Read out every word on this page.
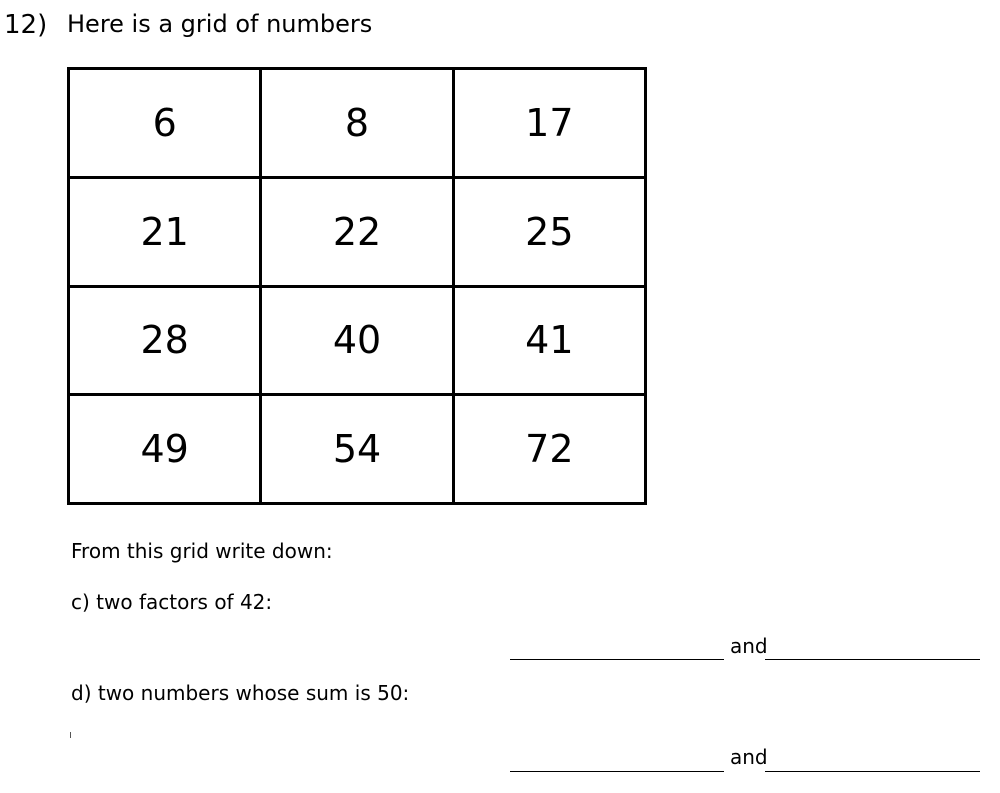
12) Here is a grid of numbers
6	8	17
21	22	25
28	40	41
49	54	72
From this grid write down:
c) two factors of 42:
and
d) two numbers whose sum is 50:
and
